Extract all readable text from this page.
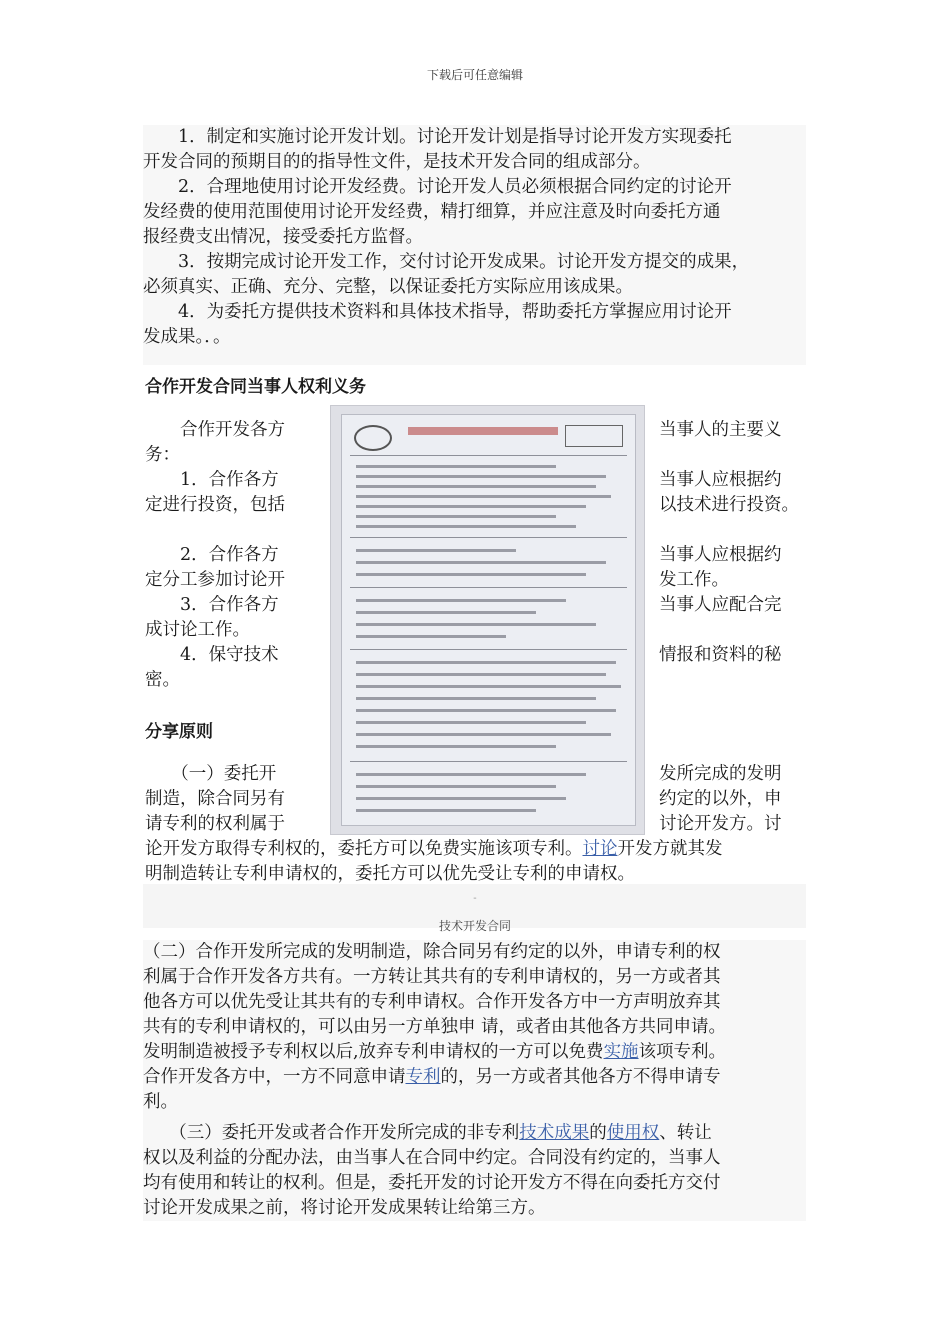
下载后可任意编辑

　　1．制定和实施讨论开发计划。讨论开发计划是指导讨论开发方实现委托

开发合同的预期目的的指导性文件，是技术开发合同的组成部分。

　　2．合理地使用讨论开发经费。讨论开发人员必须根据合同约定的讨论开

发经费的使用范围使用讨论开发经费，精打细算，并应注意及时向委托方通

报经费支出情况，接受委托方监督。

　　3．按期完成讨论开发工作，交付讨论开发成果。讨论开发方提交的成果，

必须真实、正确、充分、完整，以保证委托方实际应用该成果。

　　4．为委托方提供技术资料和具体技术指导，帮助委托方掌握应用讨论开

发成果。．。

合作开发合同当事人权利义务
　　合作开发各方
务：
　　1．合作各方
定进行投资，包括
　　2．合作各方
定分工参加讨论开
　　3．合作各方
成讨论工作。
　　4．保守技术
密。
当事人的主要义
当事人应根据约
以技术进行投资。
当事人应根据约
发工作。
当事人应配合完
情报和资料的秘
分享原则
　　（一）委托开
制造，除合同另有
请专利的权利属于
发所完成的发明
约定的以外，申
讨论开发方。讨
论开发方取得专利权的，委托方可以免费实施该项专利。讨论开发方就其发
明制造转让专利申请权的，委托方可以优先受让专利的申请权。
-
技术开发合同

（二）合作开发所完成的发明制造，除合同另有约定的以外，申请专利的权

利属于合作开发各方共有。一方转让其共有的专利申请权的，另一方或者其

他各方可以优先受让其共有的专利申请权。合作开发各方中一方声明放弃其

共有的专利申请权的，可以由另一方单独申 请，或者由其他各方共同申请。

发明制造被授予专利权以后,放弃专利申请权的一方可以免费实施该项专利。

合作开发各方中，一方不同意申请专利的，另一方或者其他各方不得申请专

利。

　　（三）委托开发或者合作开发所完成的非专利技术成果的使用权、转让

权以及利益的分配办法，由当事人在合同中约定。合同没有约定的，当事人

均有使用和转让的权利。但是，委托开发的讨论开发方不得在向委托方交付

讨论开发成果之前，将讨论开发成果转让给第三方。
